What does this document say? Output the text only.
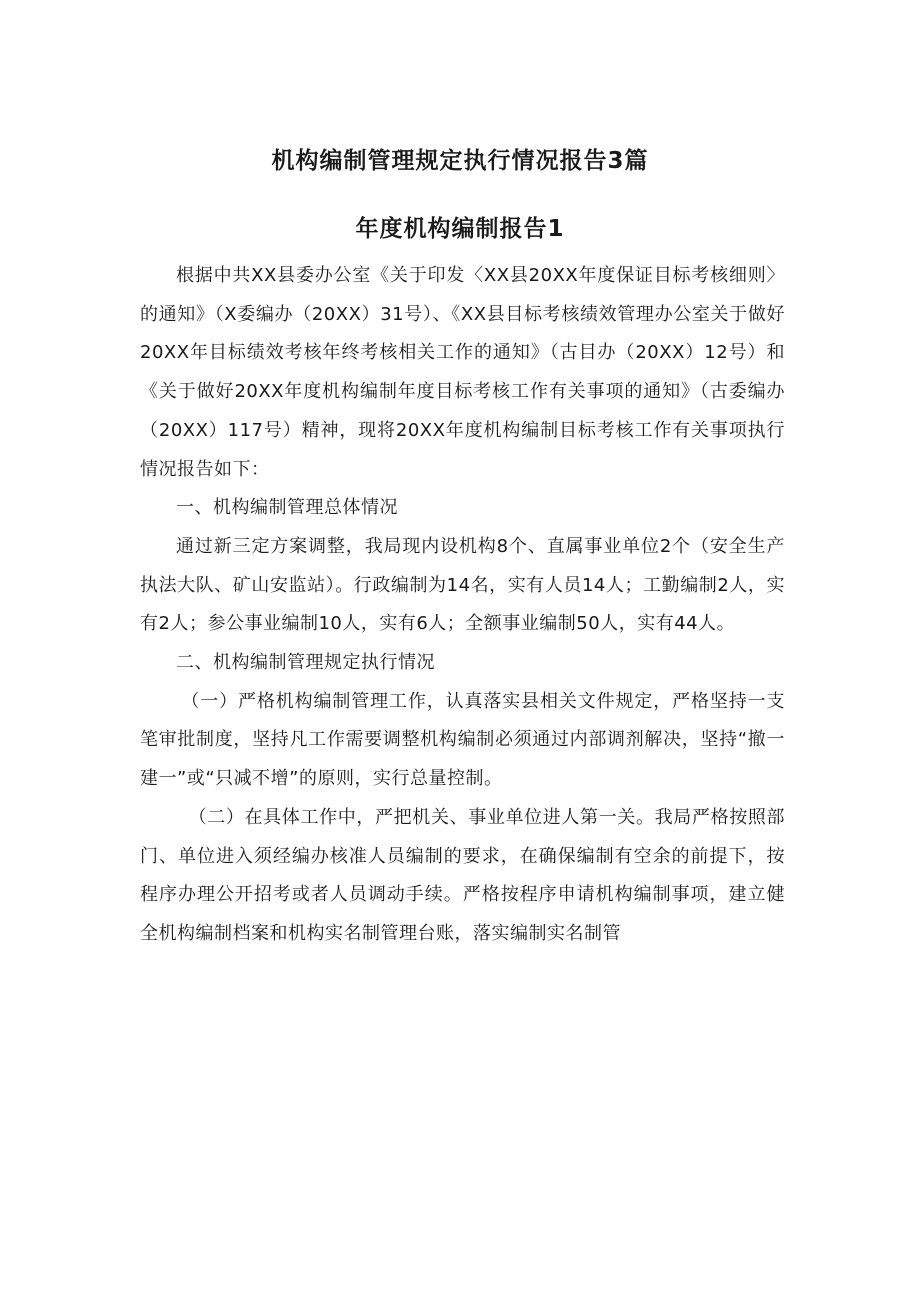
机构编制管理规定执行情况报告3篇
年度机构编制报告1

根据中共XX县委办公室《关于印发〈XX县20XX年度保证目标考核细则〉的通知》（X委编办（20XX）31号）、《XX县目标考核绩效管理办公室关于做好20XX年目标绩效考核年终考核相关工作的通知》（古目办（20XX）12号）和《关于做好20XX年度机构编制年度目标考核工作有关事项的通知》（古委编办（20XX）117号）精神，现将20XX年度机构编制目标考核工作有关事项执行情况报告如下：

一、机构编制管理总体情况

通过新三定方案调整，我局现内设机构8个、直属事业单位2个（安全生产执法大队、矿山安监站）。行政编制为14名，实有人员14人；工勤编制2人，实有2人；参公事业编制10人，实有6人；全额事业编制50人，实有44人。

二、机构编制管理规定执行情况

（一）严格机构编制管理工作，认真落实县相关文件规定，严格坚持一支笔审批制度，坚持凡工作需要调整机构编制必须通过内部调剂解决，坚持“撤一建一”或“只减不增”的原则，实行总量控制。

（二）在具体工作中，严把机关、事业单位进人第一关。我局严格按照部门、单位进入须经编办核准人员编制的要求，在确保编制有空余的前提下，按程序办理公开招考或者人员调动手续。严格按程序申请机构编制事项，建立健全机构编制档案和机构实名制管理台账，落实编制实名制管
